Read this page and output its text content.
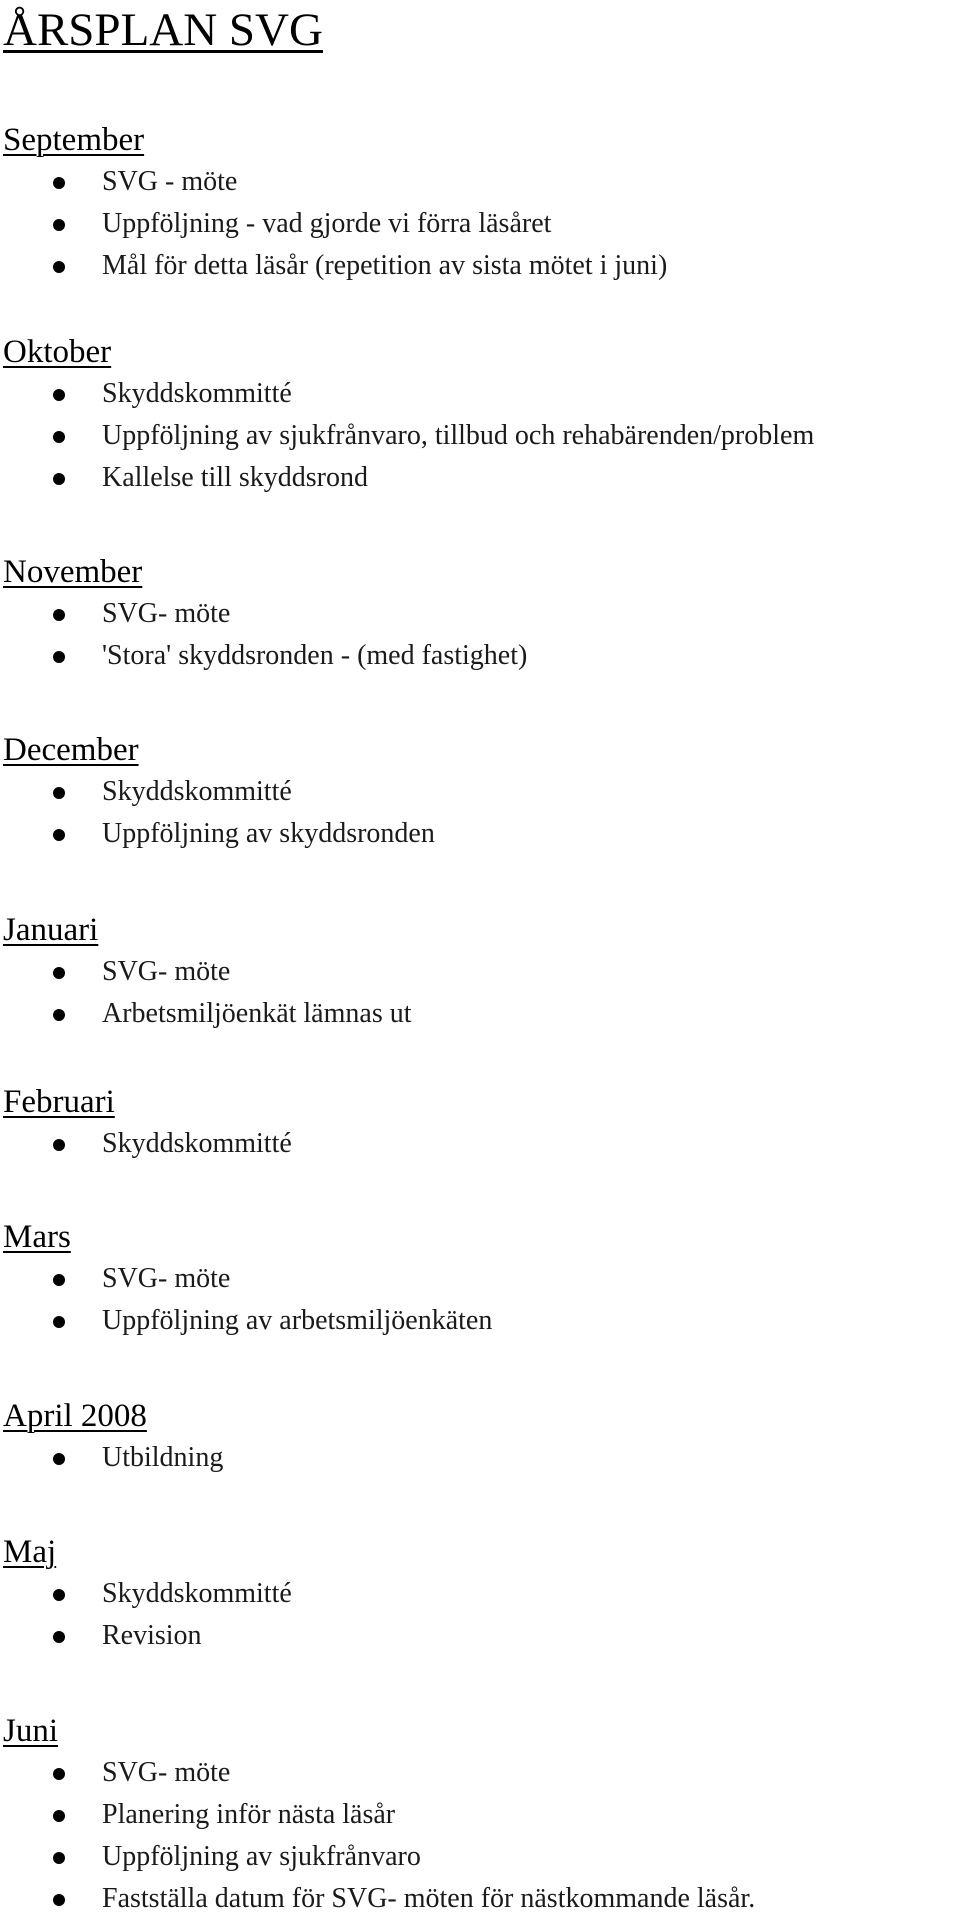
ÅRSPLAN SVG
September
SVG - möte
Uppföljning - vad gjorde vi förra läsåret
Mål för detta läsår (repetition av sista mötet i juni)
Oktober
Skyddskommitté
Uppföljning av sjukfrånvaro, tillbud och rehabärenden/problem
Kallelse till skyddsrond
November
SVG- möte
'Stora' skyddsronden - (med fastighet)
December
Skyddskommitté
Uppföljning av skyddsronden
Januari
SVG- möte
Arbetsmiljöenkät lämnas ut
Februari
Skyddskommitté
Mars
SVG- möte
Uppföljning av arbetsmiljöenkäten
April 2008
Utbildning
Maj
Skyddskommitté
Revision
Juni
SVG- möte
Planering inför nästa läsår
Uppföljning av sjukfrånvaro
Fastställa datum för SVG- möten för nästkommande läsår.
